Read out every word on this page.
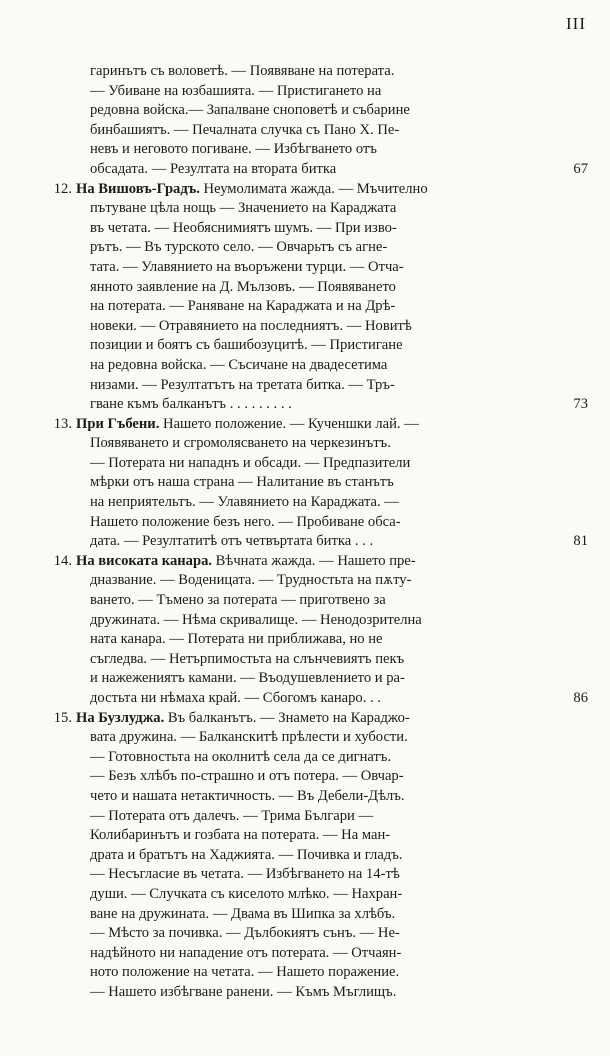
III
гаринътъ съ воловетѣ. — Появяване на потерата.
— Убиване на юзбашията. — Пристигането на
редовна войска.— Запалване сноповетѣ и събарине
бинбашиятъ. — Печалната случка съ Пано Х. Пе-
невъ и неговото погиване. — Избѣгването отъ
обсадата. — Резултата на втората битка	67
12. На Вишовъ-Градъ. Неумолимата жажда. — Мъчително
пътуване цѣла нощь — Значението на Караджата
въ четата. — Необяснимиятъ шумъ. — При изво-
рътъ. — Въ турското село. — Овчарьтъ съ агнe-
тата. — Улавянието на въоръжени турци. — Отча-
янното заявление на Д. Мълзовъ. — Появяването
на потерата. — Раняване на Караджата и на Дрѣ-
новеки. — Отравянието на последниятъ. — Новитѣ
позиции и боятъ съ башибозуцитѣ. — Пристигане
на редовна войска. — Съсичане на двадесетима
низами. — Резултатътъ на третата битка. — Тръ-
гване къмъ балканътъ . . . . . . . . .	73
13. При Гъбени. Нашето положение. — Кученшки лай. —
Появяването и сгромолясването на черкезинътъ.
— Потерата ни нападнъ и обсади. — Предпазители
мѣрки отъ наша страна — Налитание въ станътъ
на неприятельтъ. — Улавянието на Караджата. —
Нашето положение безъ него. — Пробиване обса-
дата. — Резултатитѣ отъ четвъртата битка . . .	81
14. На високата канара. Вѣчната жажда. — Нашето пре-
дназвание. — Воденицата. — Трудностьта на пѫту-
ването. — Тъмено за потерата — приготвено за
дружината. — Нѣма скривалище. — Ненодозрителна
ната канара. — Потерата ни приближава, но не
съгледва. — Нетърпимостьта на слънчевиятъ пекъ
и нажежениятъ камани. — Въодушевлението и ра-
достьта ни нѣмаха край. — Сбогомъ канаро. . .	86
15. На Бузлуджа. Въ балканътъ. — Знамето на Караджо-
вата дружина. — Балканскитѣ прѣлести и хубости.
— Готовностьта на околнитѣ села да се дигнатъ.
— Безъ хлѣбъ по-страшно и отъ потера. — Овчар-
чето и нашата нетактичность. — Въ Дебели-Дѣлъ.
— Потерата отъ далечъ. — Трима Българи —
Колибаринътъ и гозбата на потерата. — На ман-
драта и братътъ на Хаджията. — Почивка и гладъ.
— Несъгласие въ четата. — Избѣгването на 14-тѣ
души. — Случката съ киселото млѣко. — Нахран-
ване на дружината. — Двама въ Шипка за хлѣбъ.
— Мѣсто за почивка. — Дълбокиятъ сънъ. — Не-
надѣйното ни нападение отъ потерата. — Отчаян-
ното положение на четата. — Нашето поражение.
— Нашето избѣгване ранени. — Къмъ Мъглищъ.
